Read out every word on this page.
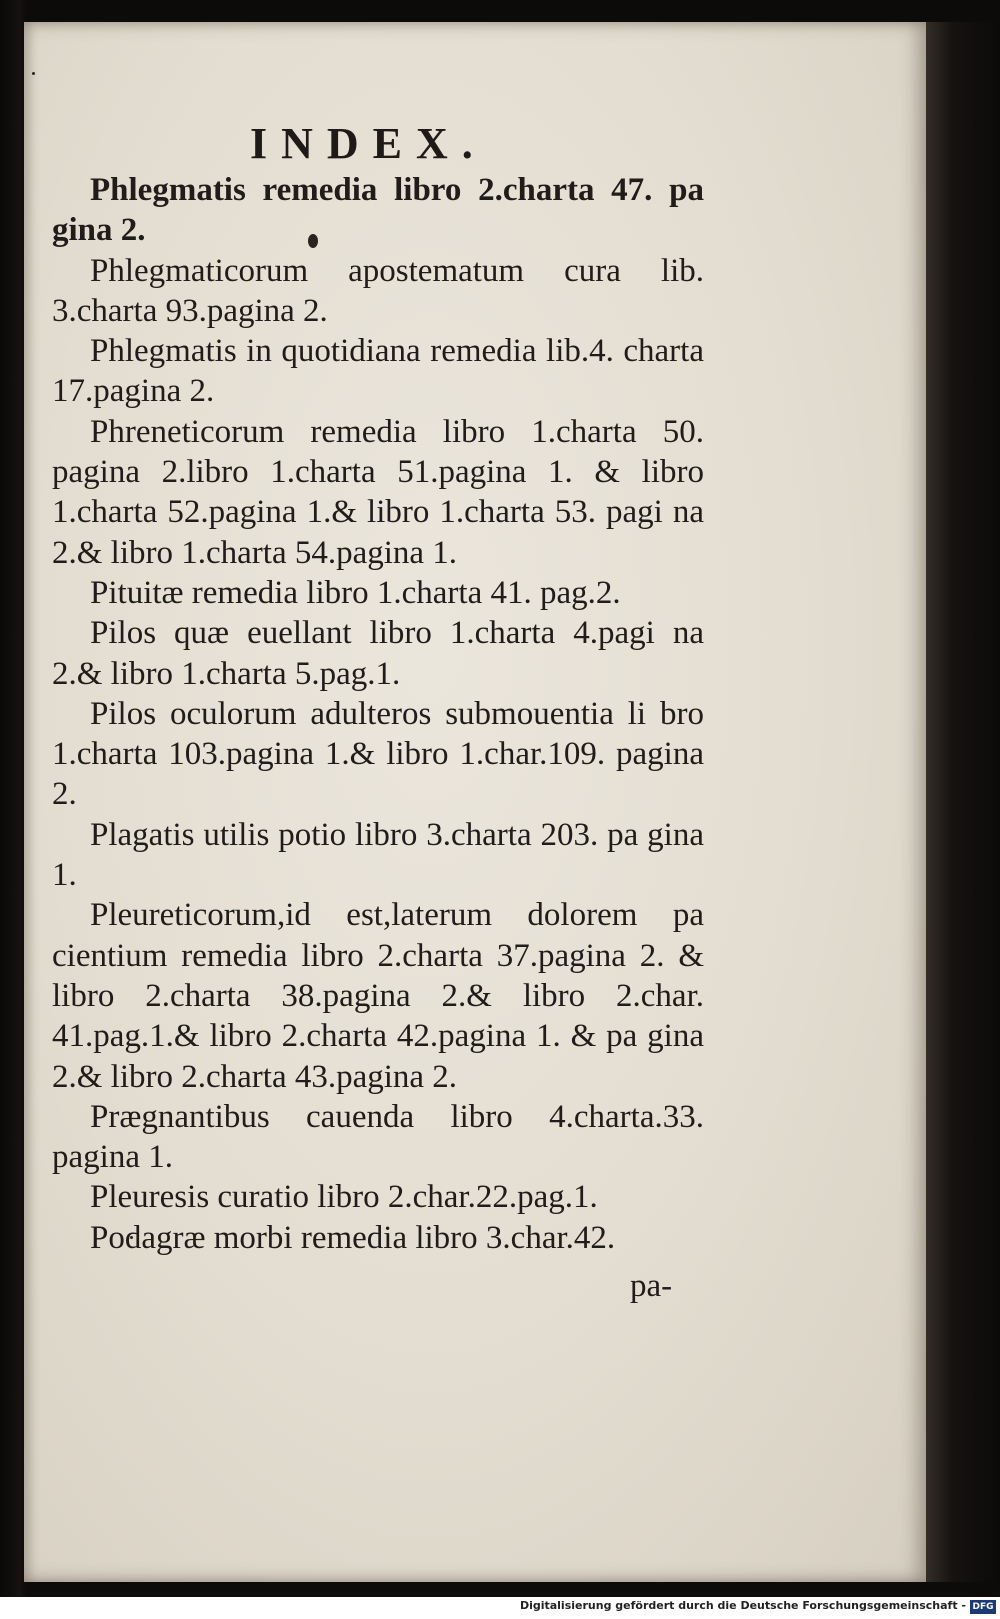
INDEX.

Phlegmatis remedia libro 2.charta 47. pa gina 2.

Phlegmaticorum apostematum cura lib. 3.charta 93.pagina 2.

Phlegmatis in quotidiana remedia lib.4. charta 17.pagina 2.

Phreneticorum remedia libro 1.charta 50. pagina 2.libro 1.charta 51.pagina 1. & libro 1.charta 52.pagina 1.& libro 1.charta 53. pagi na 2.& libro 1.charta 54.pagina 1.

Pituitæ remedia libro 1.charta 41. pag.2.

Pilos quæ euellant libro 1.charta 4.pagi na 2.& libro 1.charta 5.pag.1.

Pilos oculorum adulteros submouentia li bro 1.charta 103.pagina 1.& libro 1.char.109. pagina 2.

Plagatis utilis potio libro 3.charta 203. pa gina 1.

Pleureticorum,id est,laterum dolorem pa cientium remedia libro 2.charta 37.pagina 2. & libro 2.charta 38.pagina 2.& libro 2.char. 41.pag.1.& libro 2.charta 42.pagina 1. & pa gina 2.& libro 2.charta 43.pagina 2.

Prægnantibus cauenda libro 4.charta.33. pagina 1.

Pleuresis curatio libro 2.char.22.pag.1.

Podagræ morbi remedia libro 3.char.42.

pa-
Digitalisierung gefördert durch die Deutsche Forschungsgemeinschaft - DFG
